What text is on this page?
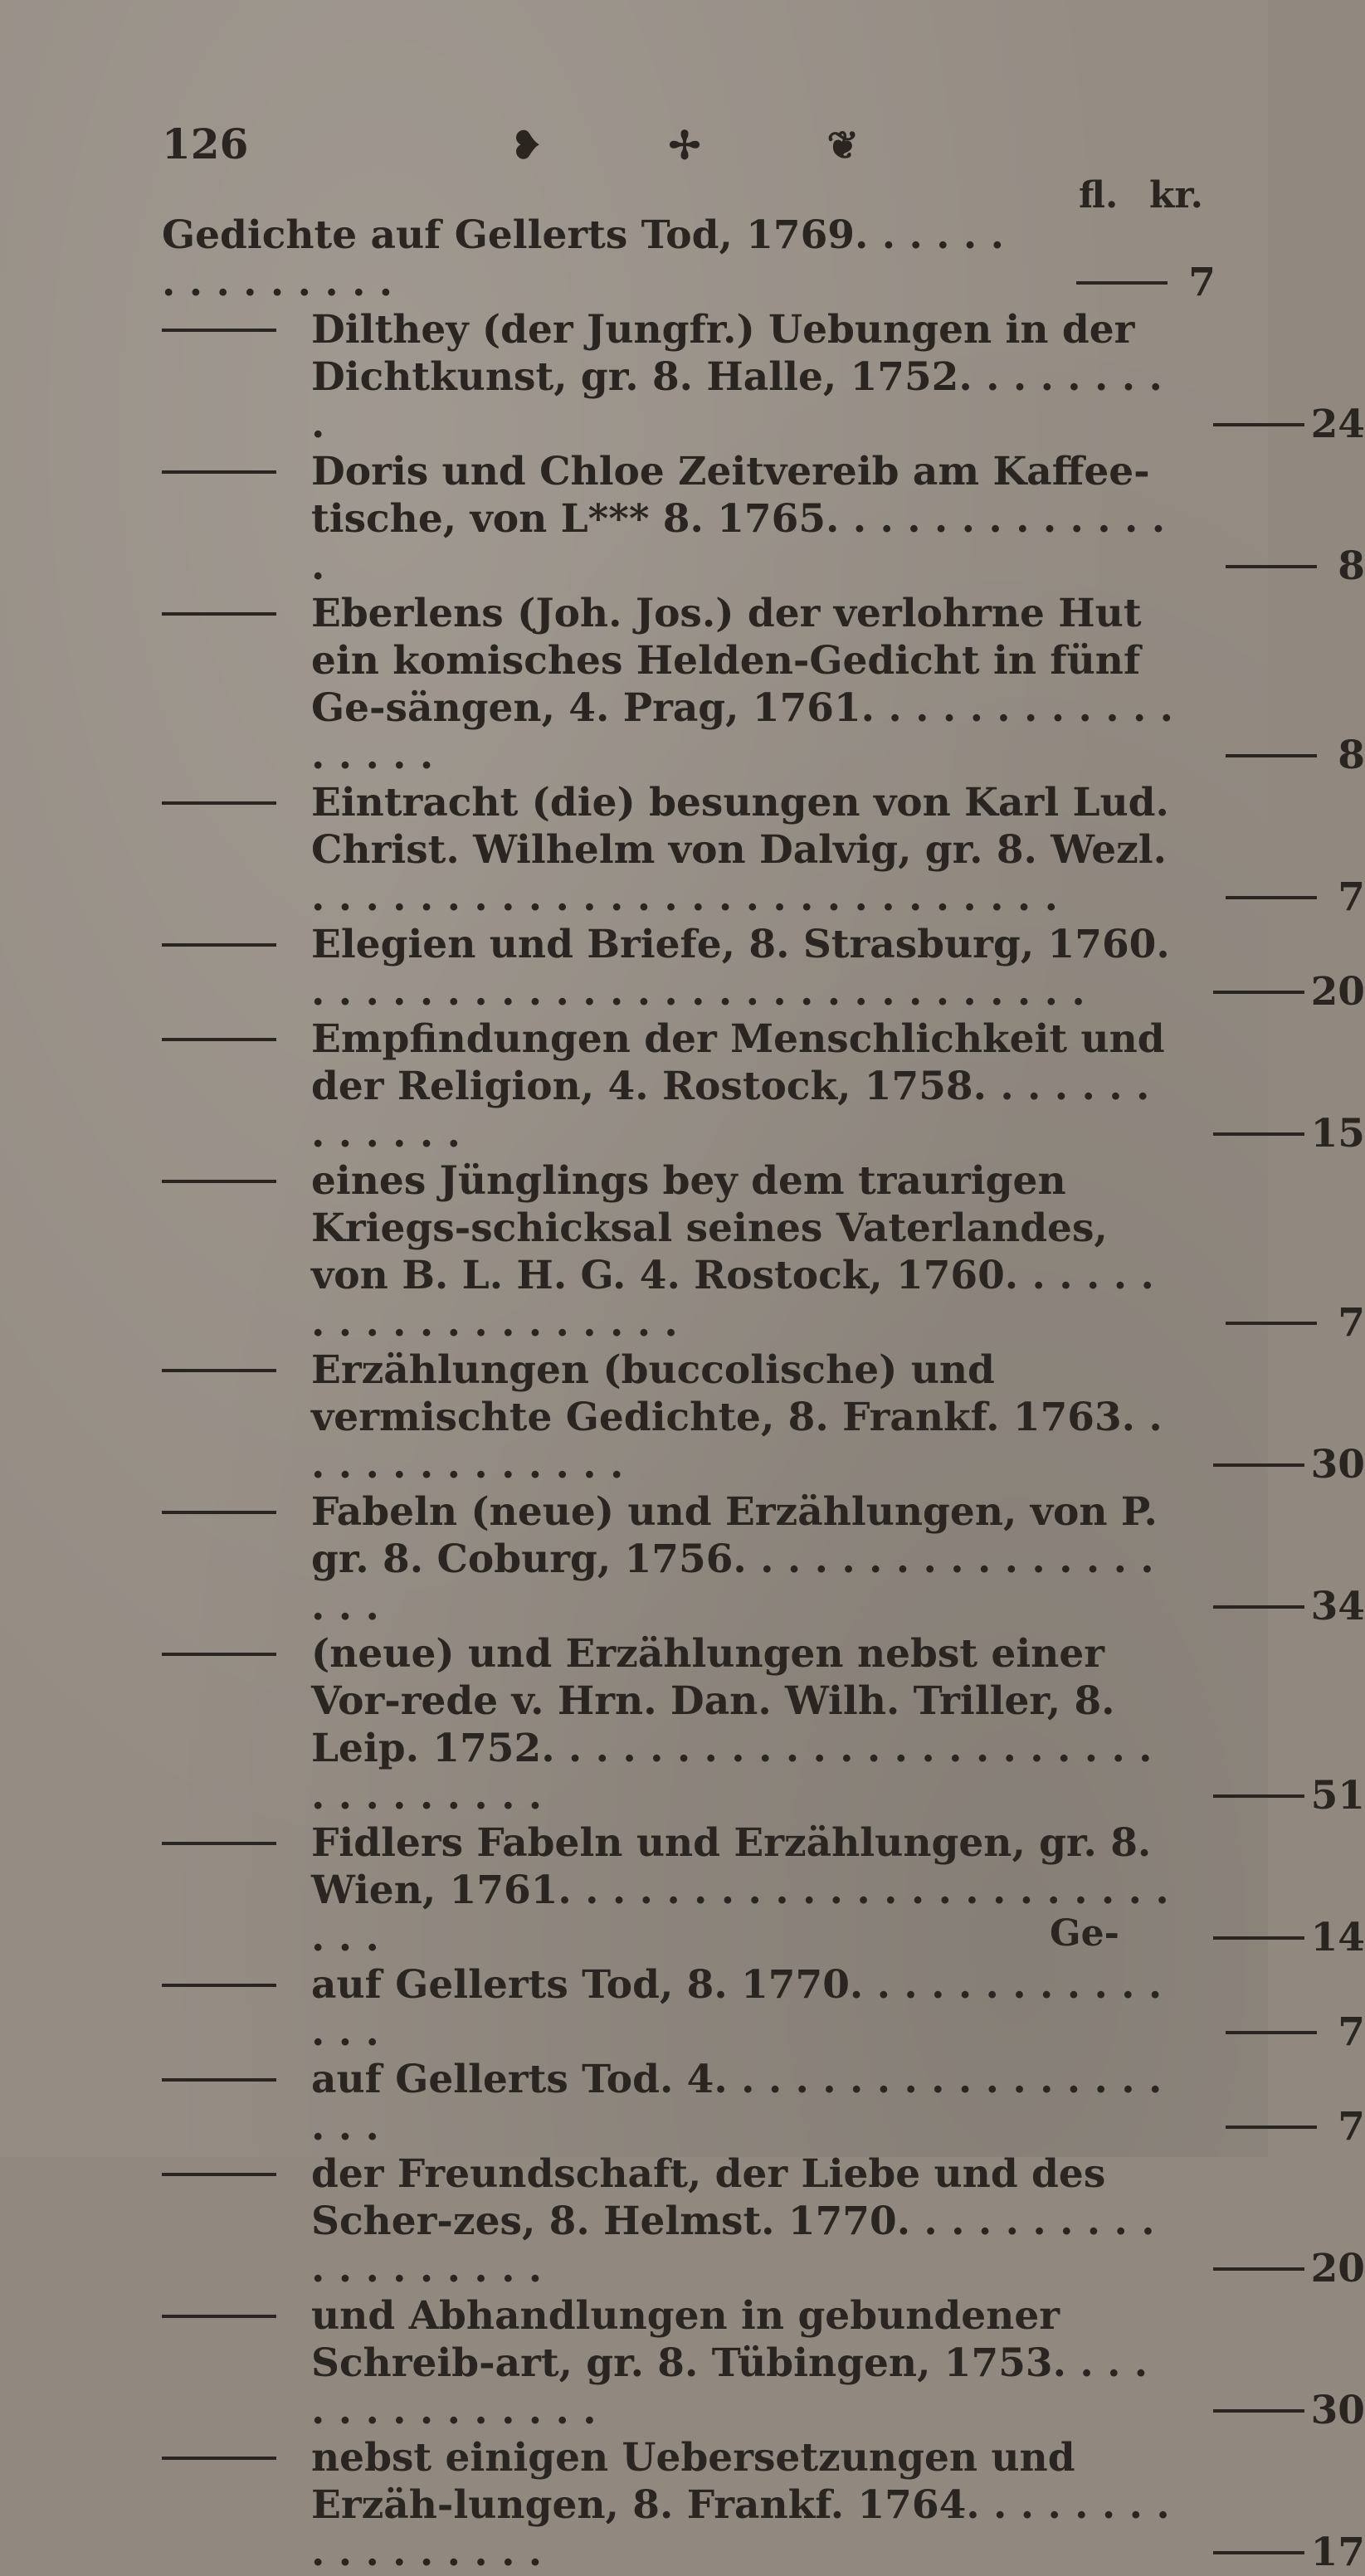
126	❥	✢	❦
fl. kr.
Gedichte auf Gellerts Tod, 1769. . . . . . . . . . . . . . .	7
Dilthey (der Jungfr.) Uebungen in der Dichtkunst, gr. 8. Halle, 1752. . . . . . . . .	24
Doris und Chloe Zeitvereib am Kaffee-tische, von L*** 8. 1765. . . . . . . . . . . . . .	8
Eberlens (Joh. Jos.) der verlohrne Hut ein komisches Helden-Gedicht in fünf Ge-sängen, 4. Prag, 1761. . . . . . . . . . . . . . . . .	8
Eintracht (die) besungen von Karl Lud. Christ. Wilhelm von Dalvig, gr. 8. Wezl. . . . . . . . . . . . . . . . . . . . . . . . . . . . .	7
Elegien und Briefe, 8. Strasburg, 1760. . . . . . . . . . . . . . . . . . . . . . . . . . . . . .	20
Empfindungen der Menschlichkeit und der Religion, 4. Rostock, 1758. . . . . . . . . . . . .	15
eines Jünglings bey dem traurigen Kriegs-schicksal seines Vaterlandes, von B. L. H. G. 4. Rostock, 1760. . . . . . . . . . . . . . . . . . . .	7
Erzählungen (buccolische) und vermischte Gedichte, 8. Frankf. 1763. . . . . . . . . . . . . .	30
Fabeln (neue) und Erzählungen, von P. gr. 8. Coburg, 1756. . . . . . . . . . . . . . . . . . .	34
(neue) und Erzählungen nebst einer Vor-rede v. Hrn. Dan. Wilh. Triller, 8. Leip. 1752. . . . . . . . . . . . . . . . . . . . . . . . . . . . . . . .	51
Fidlers Fabeln und Erzählungen, gr. 8. Wien, 1761. . . . . . . . . . . . . . . . . . . . . . . . . .	14
auf Gellerts Tod, 8. 1770. . . . . . . . . . . . . . .	7
auf Gellerts Tod. 4. . . . . . . . . . . . . . . . . . . .	7
der Freundschaft, der Liebe und des Scher-zes, 8. Helmst. 1770. . . . . . . . . . . . . . . . . . .	20
und Abhandlungen in gebundener Schreib-art, gr. 8. Tübingen, 1753. . . . . . . . . . . . . . .	30
nebst einigen Uebersetzungen und Erzäh-lungen, 8. Frankf. 1764. . . . . . . . . . . . . . . . .	17
Ge-
